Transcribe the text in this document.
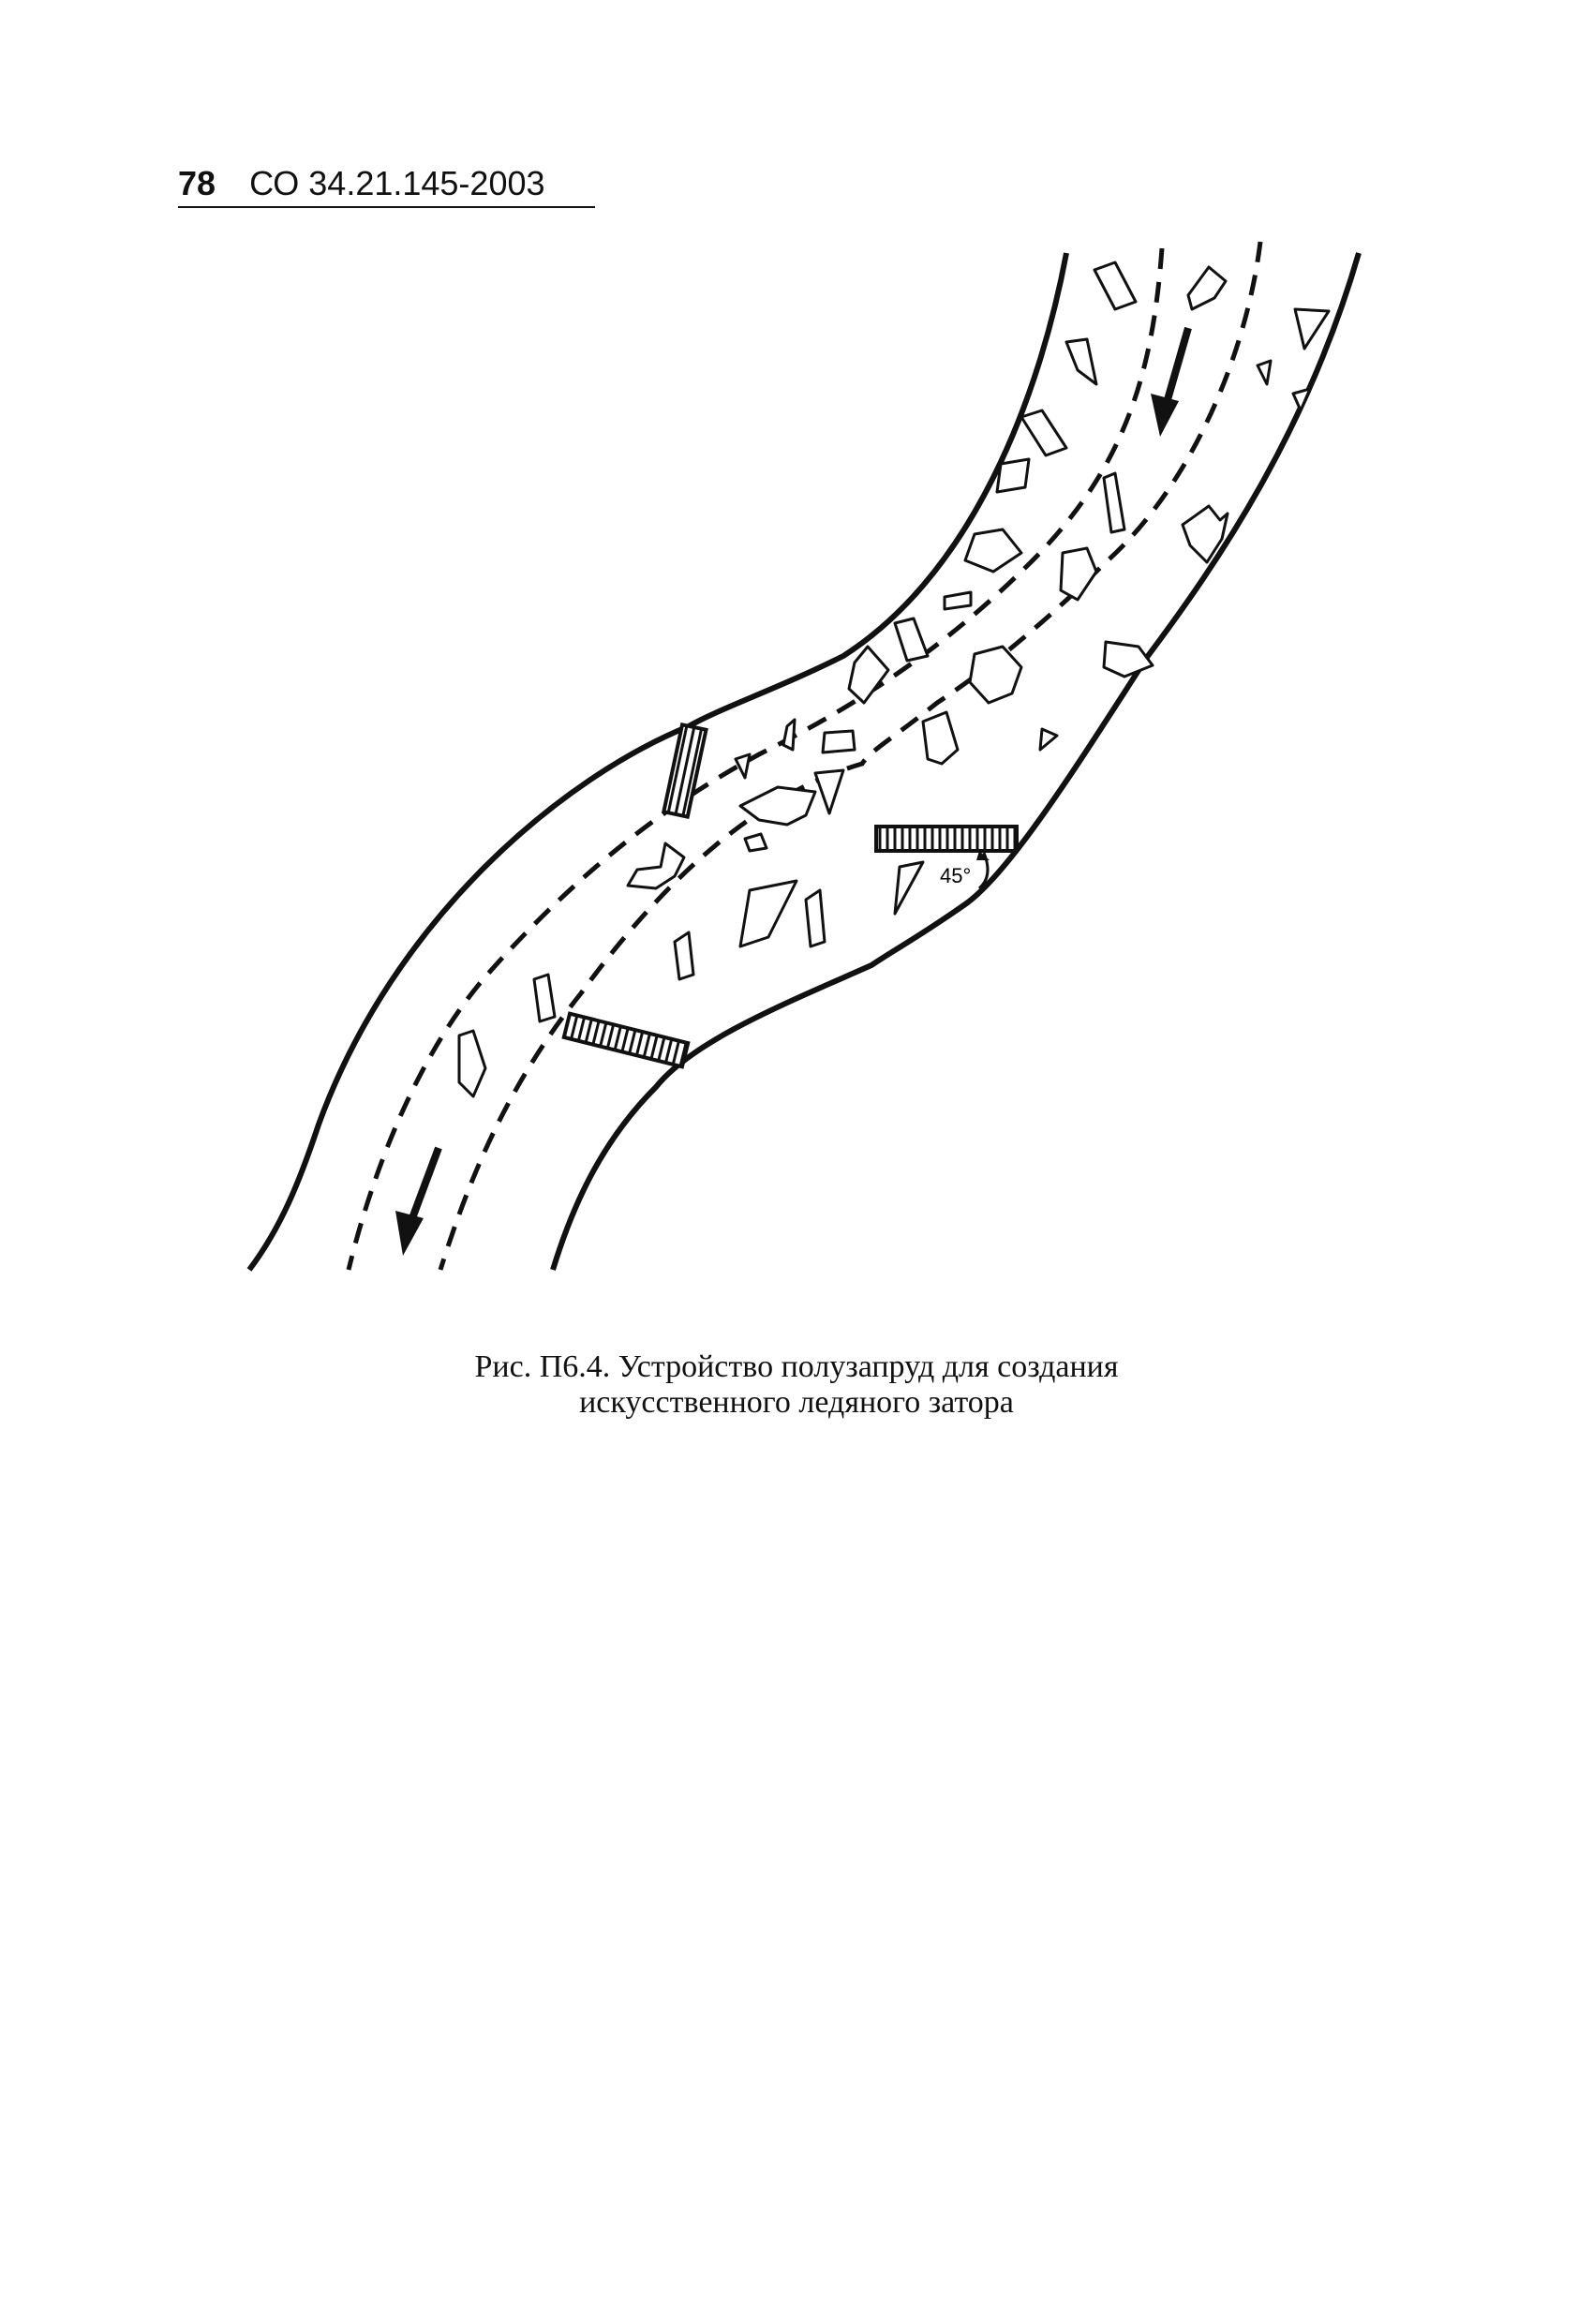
78 СО 34.21.145-2003
45°
Рис. П6.4. Устройство полузапруд для создания
искусственного ледяного затора
